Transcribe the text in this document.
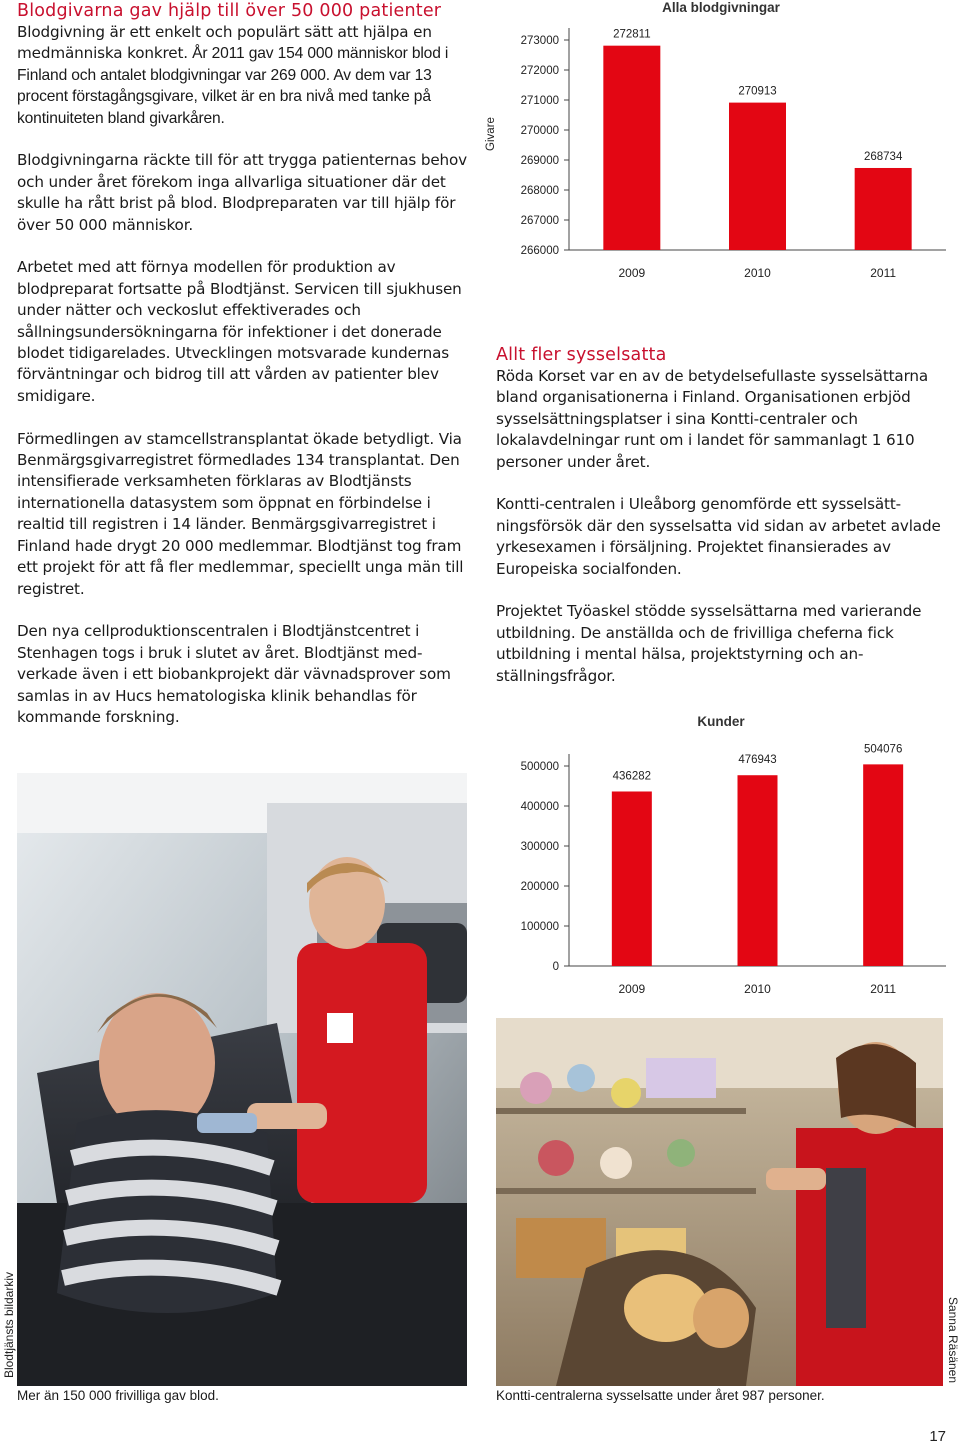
Blodgivarna gav hjälp till över 50 000 patienter

Blodgivning är ett enkelt och populärt sätt att hjälpa en medmänniska konkret. År 2011 gav 154 000 människor blod i Finland och antalet blodgivningar var 269 000. Av dem var 13 procent förstagångsgivare, vilket är en bra nivå med tanke på kontinuiteten bland givarkåren.

Blodgivningarna räckte till för att trygga patienternas behov och under året förekom inga allvarliga situationer där det skulle ha rått brist på blod. Blodpreparaten var till hjälp för över 50 000 människor.

Arbetet med att förnya modellen för produktion av blodpreparat fortsatte på Blodtjänst. Servicen till sjukhusen under nätter och veckoslut effektiverades och sållningsundersökningarna för infektioner i det donerade blodet tidigarelades. Utvecklingen motsvarade kundernas förväntningar och bidrog till att vården av patienter blev smidigare.

Förmedlingen av stamcellstransplantat ökade betydligt. Via Benmärgsgivarregistret förmedlades 134 transplantat. Den intensifierade verksamheten förklaras av Blodtjänsts internationella datasystem som öppnat en förbindelse i realtid till registren i 14 länder. Benmärgsgivarregistret i Finland hade drygt 20 000 medlemmar. Blodtjänst tog fram ett projekt för att få fler medlemmar, speciellt unga män till registret.

Den nya cellproduktionscentralen i Blodtjänstcentret i Stenhagen togs i bruk i slutet av året. Blodtjänst medverkade även i ett biobankprojekt där vävnadsprover som samlas in av Hucs hematologiska klinik behandlas för kommande forskning.

Alla blodgivningar
Givare
273000
272000
271000
270000
269000
268000
267000
266000
272811
2009
270913
2010
268734
2011
Allt fler sysselsatta

Röda Korset var en av de betydelsefullaste sysselsättarna bland organisationerna i Finland. Organisationen erbjöd sysselsättningsplatser i sina Kontti-centraler och lokalavdelningar runt om i landet för sammanlagt 1 610 personer under året.

Kontti-centralen i Uleåborg genomförde ett sysselsättningsförsök där den sysselsatta vid sidan av arbetet avlade yrkesexamen i försäljning. Projektet finansierades av Europeiska socialfonden.

Projektet Työaskel stödde sysselsättarna med varierande utbildning. De anställda och de frivilliga cheferna fick utbildning i mental hälsa, projektstyrning och anställningsfrågor.

Kunder
500000
400000
300000
200000
100000
0
436282
2009
476943
2010
504076
2011
Mer än 150 000 frivilliga gav blod.
Blodtjänsts bildarkiv
Kontti-centralerna sysselsatte under året 987 personer.
Sanna Räsänen
17
